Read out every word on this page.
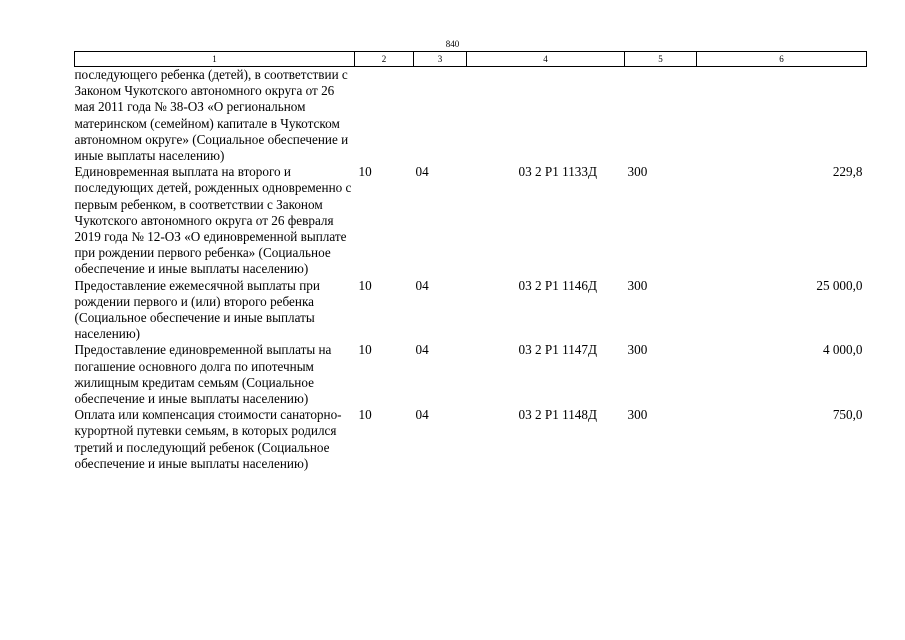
840
1	2	3	4	5	6
последующего ребенка (детей), в соответствии с Законом Чукотского автономного округа от 26 мая 2011 года № 38-ОЗ «О региональном материнском (семейном) капитале в Чукотском автономном округе» (Социальное обеспечение и иные выплаты населению)					
Единовременная выплата на второго и последующих детей, рожденных одновременно с первым ребенком, в соответствии с Законом Чукотского автономного округа от 26 февраля 2019 года № 12-ОЗ «О единовременной выплате при рождении первого ребенка» (Социальное обеспечение и иные выплаты населению)	10	04	03 2 P1 1133Д	300	229,8
Предоставление ежемесячной выплаты при рождении первого и (или) второго ребенка (Социальное обеспечение и иные выплаты населению)	10	04	03 2 P1 1146Д	300	25 000,0
Предоставление единовременной выплаты на погашение основного долга по ипотечным жилищным кредитам семьям (Социальное обеспечение и иные выплаты населению)	10	04	03 2 P1 1147Д	300	4 000,0
Оплата или компенсация стоимости санаторно-курортной путевки семьям, в которых родился третий и последующий ребенок (Социальное обеспечение и иные выплаты населению)	10	04	03 2 P1 1148Д	300	750,0
